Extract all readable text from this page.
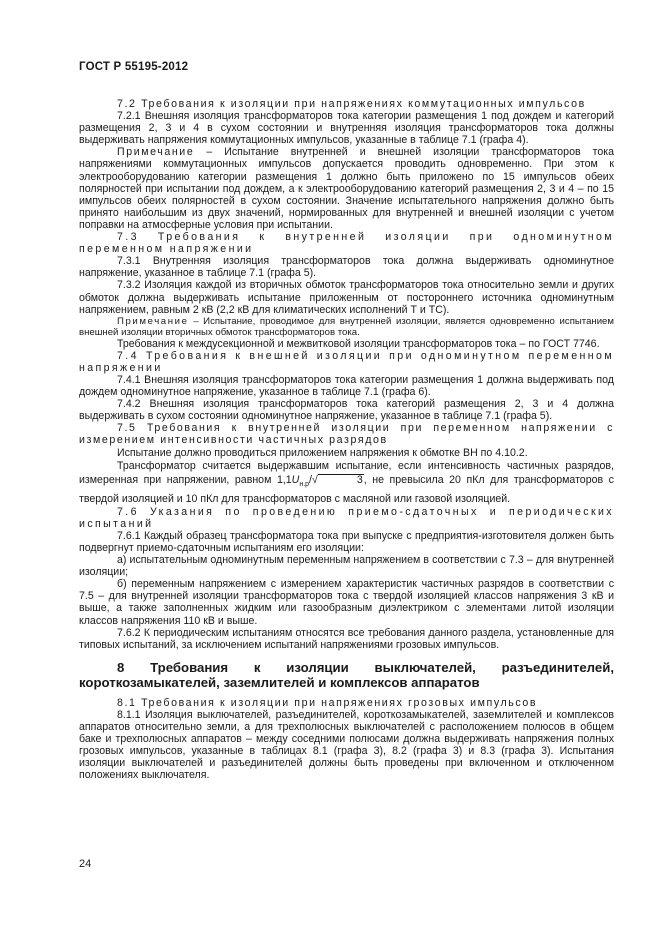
ГОСТ Р 55195-2012

7.2 Требования к изоляции при напряжениях коммутационных импульсов

7.2.1 Внешняя изоляция трансформаторов тока категории размещения 1 под дождем и категорий размещения 2, 3 и 4 в сухом состоянии и внутренняя изоляция трансформаторов тока должны выдерживать напряжения коммутационных импульсов, указанные в таблице 7.1 (графа 4).

Примечание – Испытание внутренней и внешней изоляции трансформаторов тока напряжениями коммутационных импульсов допускается проводить одновременно. При этом к электрооборудованию категории размещения 1 должно быть приложено по 15 импульсов обеих полярностей при испытании под дождем, а к электрооборудованию категорий размещения 2, 3 и 4 – по 15 импульсов обеих полярностей в сухом состоянии. Значение испытательного напряжения должно быть принято наибольшим из двух значений, нормированных для внутренней и внешней изоляции с учетом поправки на атмосферные условия при испытании.

7.3 Требования к внутренней изоляции при одноминутном переменном напряжении

7.3.1 Внутренняя изоляция трансформаторов тока должна выдерживать одноминутное напряжение, указанное в таблице 7.1 (графа 5).

7.3.2 Изоляция каждой из вторичных обмоток трансформаторов тока относительно земли и других обмоток должна выдерживать испытание приложенным от постороннего источника одноминутным напряжением, равным 2 кВ (2,2 кВ для климатических исполнений Т и ТС).

Примечание – Испытание, проводимое для внутренней изоляции, является одновременно испытанием внешней изоляции вторичных обмоток трансформаторов тока.

Требования к междусекционной и межвитковой изоляции трансформаторов тока – по ГОСТ 7746.

7.4 Требования к внешней изоляции при одноминутном переменном напряжении

7.4.1 Внешняя изоляция трансформаторов тока категории размещения 1 должна выдерживать под дождем одноминутное напряжение, указанное в таблице 7.1 (графа 6).

7.4.2 Внешняя изоляция трансформаторов тока категорий размещения 2, 3 и 4 должна выдерживать в сухом состоянии одноминутное напряжение, указанное в таблице 7.1 (графа 5).

7.5 Требования к внутренней изоляции при переменном напряжении с измерением интенсивности частичных разрядов

Испытание должно проводиться приложением напряжения к обмотке ВН по 4.10.2.

Трансформатор считается выдержавшим испытание, если интенсивность частичных разрядов, измеренная при напряжении, равном $1,1U_{н.р}/√$	3, не превысила 20 пКл для трансформаторов с твердой изоляцией и 10 пКл для трансформаторов с масляной или газовой изоляцией.

7.6 Указания по проведению приемо-сдаточных и периодических испытаний

7.6.1 Каждый образец трансформатора тока при выпуске с предприятия-изготовителя должен быть подвергнут приемо-сдаточным испытаниям его изоляции:

а) испытательным одноминутным переменным напряжением в соответствии с 7.3 – для внутренней изоляции;

б) переменным напряжением с измерением характеристик частичных разрядов в соответствии с 7.5 – для внутренней изоляции трансформаторов тока с твердой изоляцией классов напряжения 3 кВ и выше, а также заполненных жидким или газообразным диэлектриком с элементами литой изоляции классов напряжения 110 кВ и выше.

7.6.2 К периодическим испытаниям относятся все требования данного раздела, установленные для типовых испытаний, за исключением испытаний напряжениями грозовых импульсов.

8 Требования к изоляции выключателей, разъединителей, короткозамыкателей, заземлителей и комплексов аппаратов

8.1 Требования к изоляции при напряжениях грозовых импульсов

8.1.1 Изоляция выключателей, разъединителей, короткозамыкателей, заземлителей и комплексов аппаратов относительно земли, а для трехполюсных выключателей с расположением полюсов в общем баке и трехполюсных аппаратов – между соседними полюсами должна выдерживать напряжения полных грозовых импульсов, указанные в таблицах 8.1 (графа 3), 8.2 (графа 3) и 8.3 (графа 3). Испытания изоляции выключателей и разъединителей должны быть проведены при включенном и отключенном положениях выключателя.

24
